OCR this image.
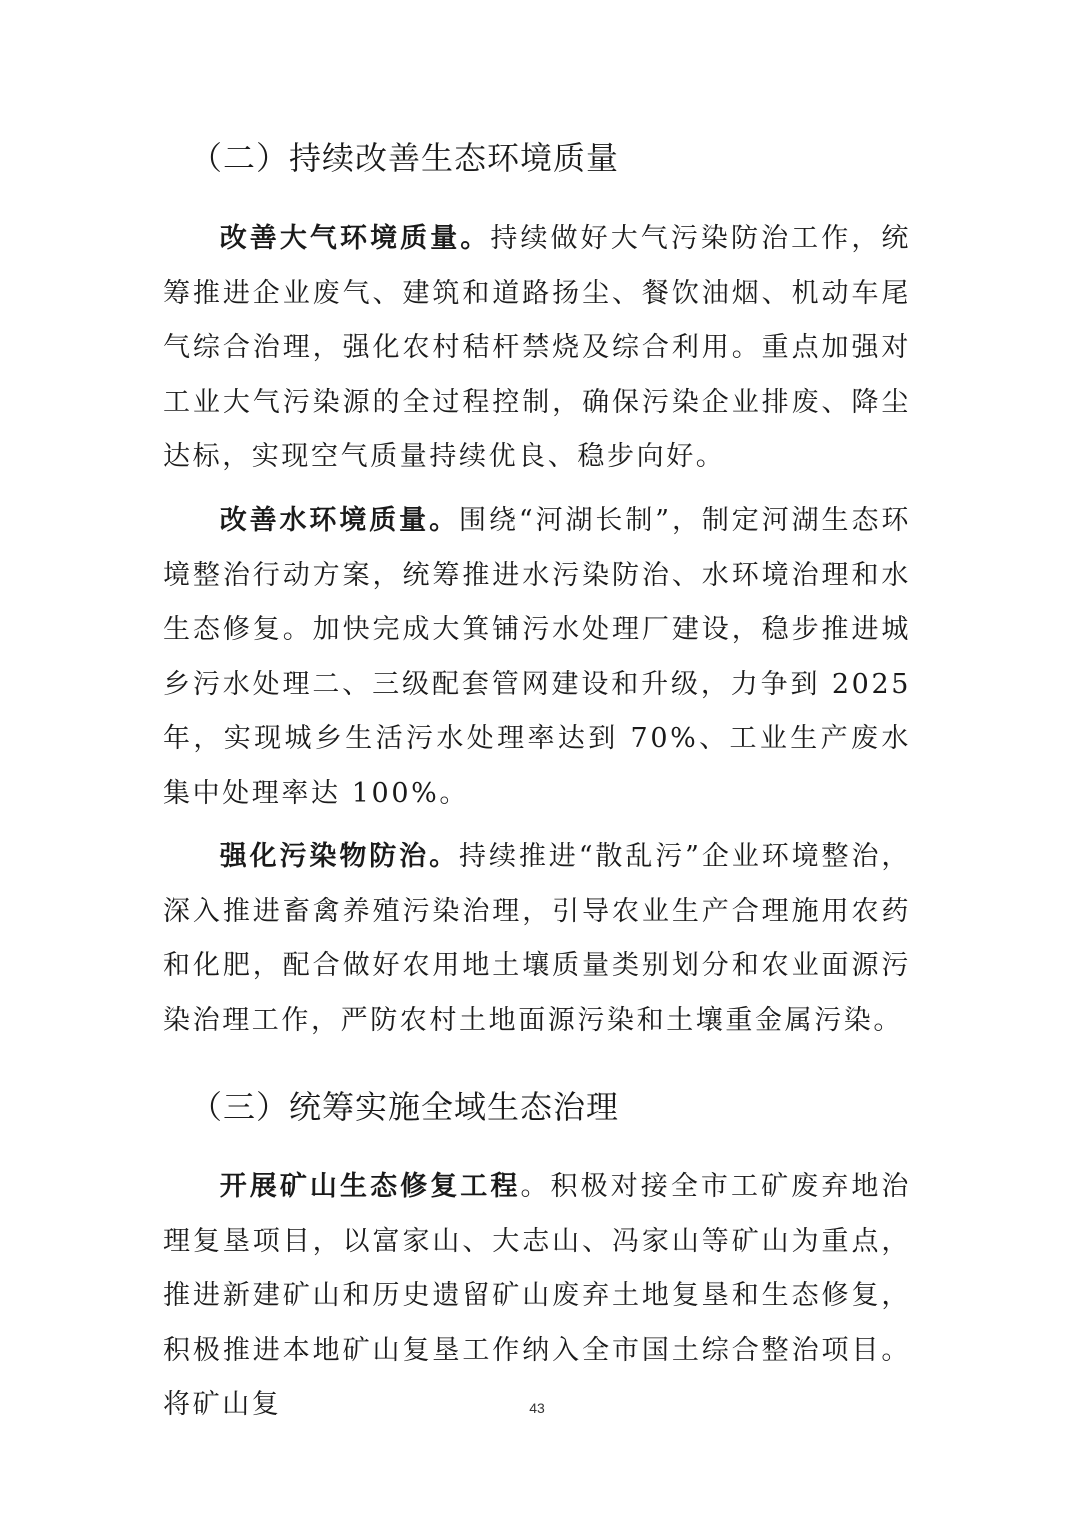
（二）持续改善生态环境质量

改善大气环境质量。持续做好大气污染防治工作，统筹推进企业废气、建筑和道路扬尘、餐饮油烟、机动车尾气综合治理，强化农村秸杆禁烧及综合利用。重点加强对工业大气污染源的全过程控制，确保污染企业排废、降尘达标，实现空气质量持续优良、稳步向好。

改善水环境质量。围绕“河湖长制”，制定河湖生态环境整治行动方案，统筹推进水污染防治、水环境治理和水生态修复。加快完成大箕铺污水处理厂建设，稳步推进城乡污水处理二、三级配套管网建设和升级，力争到 2025 年，实现城乡生活污水处理率达到 70%、工业生产废水集中处理率达 100%。

强化污染物防治。持续推进“散乱污”企业环境整治，深入推进畜禽养殖污染治理，引导农业生产合理施用农药和化肥，配合做好农用地土壤质量类别划分和农业面源污染治理工作，严防农村土地面源污染和土壤重金属污染。

（三）统筹实施全域生态治理

开展矿山生态修复工程。积极对接全市工矿废弃地治理复垦项目，以富家山、大志山、冯家山等矿山为重点，推进新建矿山和历史遗留矿山废弃土地复垦和生态修复，积极推进本地矿山复垦工作纳入全市国土综合整治项目。将矿山复	43
